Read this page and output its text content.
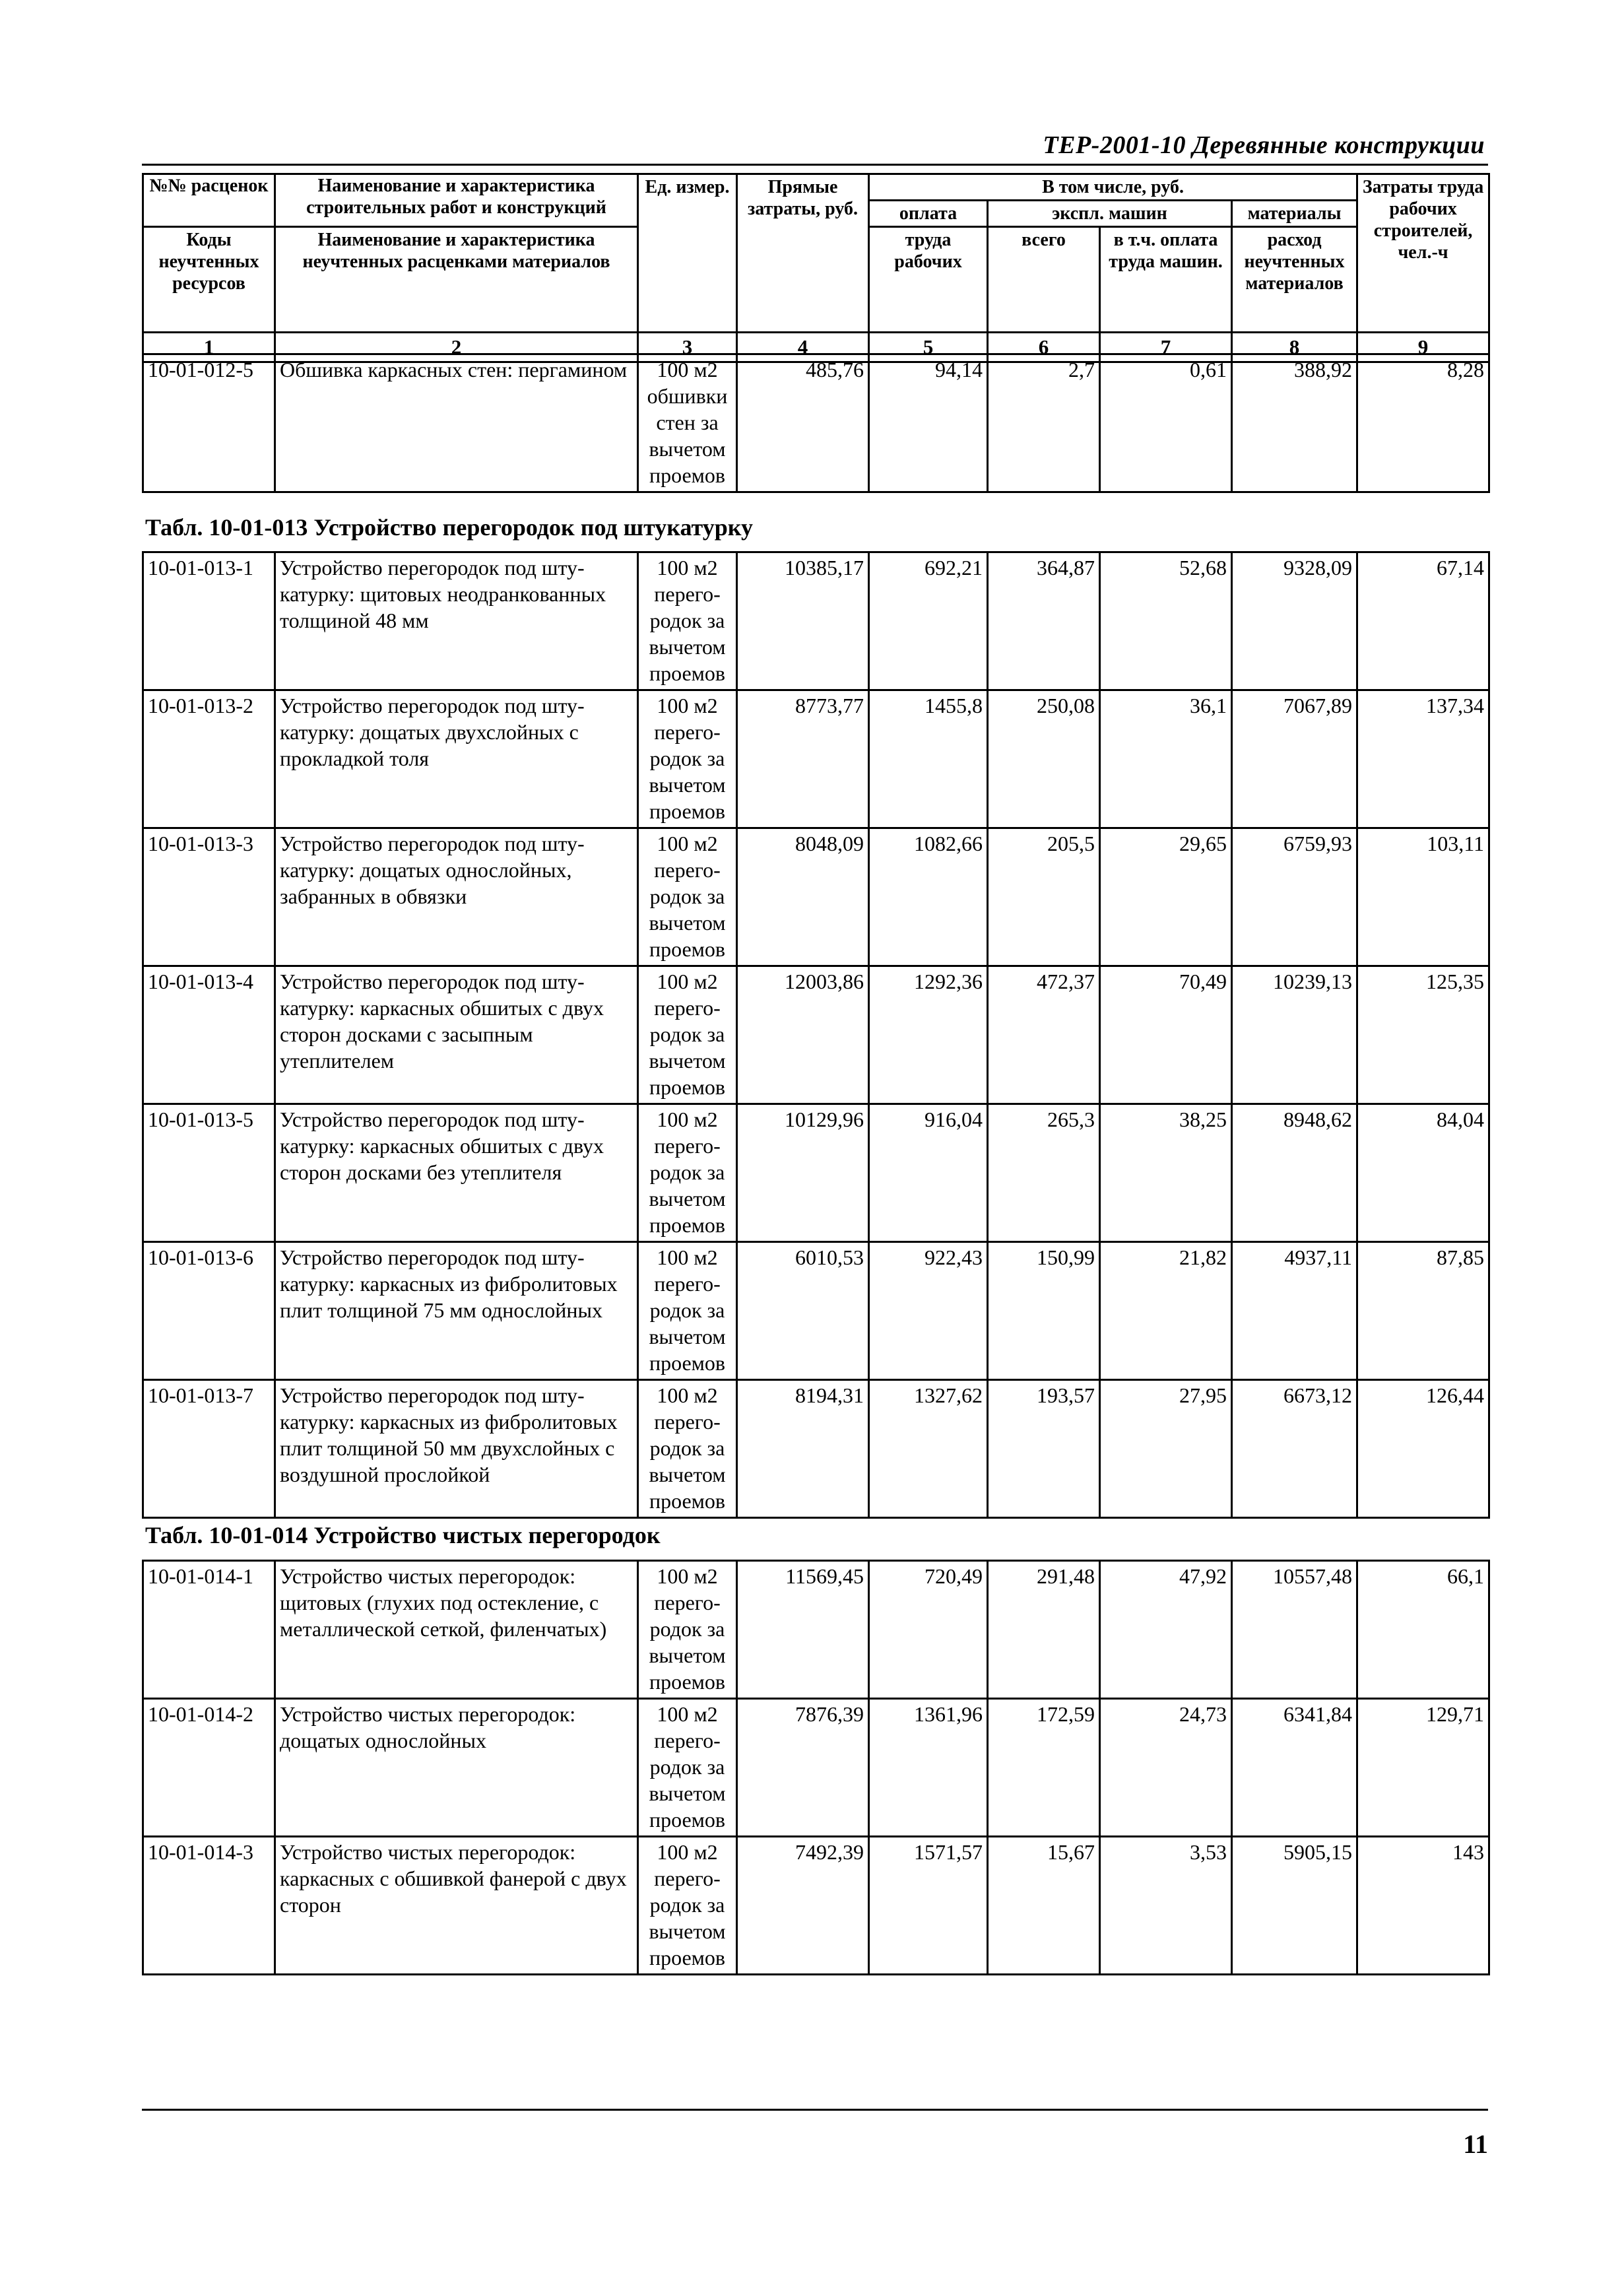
ТЕР-2001-10 Деревянные конструкции
№№ расценок	Наименование и характеристика строительных работ и конструкций	Ед. измер.	Прямые затраты, руб.	В том числе, руб.				Затраты труда рабочих строителей, чел.-ч
				оплата	экспл. машин		материалы	
Коды неучтенных ресурсов	Наименование и характеристика неучтенных расценками материалов			труда рабочих	всего	в т.ч. оплата труда машин.	расход неучтенных материалов	
1	2	3	4	5	6	7	8	9
10-01-012-5	Обшивка каркасных стен: пергамином	100 м2 обшивки стен за вычетом проемов	485,76	94,14	2,7	0,61	388,92	8,28
Табл. 10-01-013 Устройство перегородок под штукатурку
10-01-013-1	Устройство перегородок под штукатурку: щитовых неодранкованных толщиной 48 мм	100 м2 перегородок за вычетом проемов	10385,17	692,21	364,87	52,68	9328,09	67,14
10-01-013-2	Устройство перегородок под штукатурку: дощатых двухслойных с прокладкой толя	100 м2 перегородок за вычетом проемов	8773,77	1455,8	250,08	36,1	7067,89	137,34
10-01-013-3	Устройство перегородок под штукатурку: дощатых однослойных, забранных в обвязки	100 м2 перегородок за вычетом проемов	8048,09	1082,66	205,5	29,65	6759,93	103,11
10-01-013-4	Устройство перегородок под штукатурку: каркасных обшитых с двух сторон досками с засыпным утеплителем	100 м2 перегородок за вычетом проемов	12003,86	1292,36	472,37	70,49	10239,13	125,35
10-01-013-5	Устройство перегородок под штукатурку: каркасных обшитых с двух сторон досками без утеплителя	100 м2 перегородок за вычетом проемов	10129,96	916,04	265,3	38,25	8948,62	84,04
10-01-013-6	Устройство перегородок под штукатурку: каркасных из фибролитовых плит толщиной 75 мм однослойных	100 м2 перегородок за вычетом проемов	6010,53	922,43	150,99	21,82	4937,11	87,85
10-01-013-7	Устройство перегородок под штукатурку: каркасных из фибролитовых плит толщиной 50 мм двухслойных с воздушной прослойкой	100 м2 перегородок за вычетом проемов	8194,31	1327,62	193,57	27,95	6673,12	126,44
Табл. 10-01-014 Устройство чистых перегородок
10-01-014-1	Устройство чистых перегородок: щитовых (глухих под остекление, с металлической сеткой, филенчатых)	100 м2 перегородок за вычетом проемов	11569,45	720,49	291,48	47,92	10557,48	66,1
10-01-014-2	Устройство чистых перегородок: дощатых однослойных	100 м2 перегородок за вычетом проемов	7876,39	1361,96	172,59	24,73	6341,84	129,71
10-01-014-3	Устройство чистых перегородок: каркасных с обшивкой фанерой с двух сторон	100 м2 перегородок за вычетом проемов	7492,39	1571,57	15,67	3,53	5905,15	143
11
